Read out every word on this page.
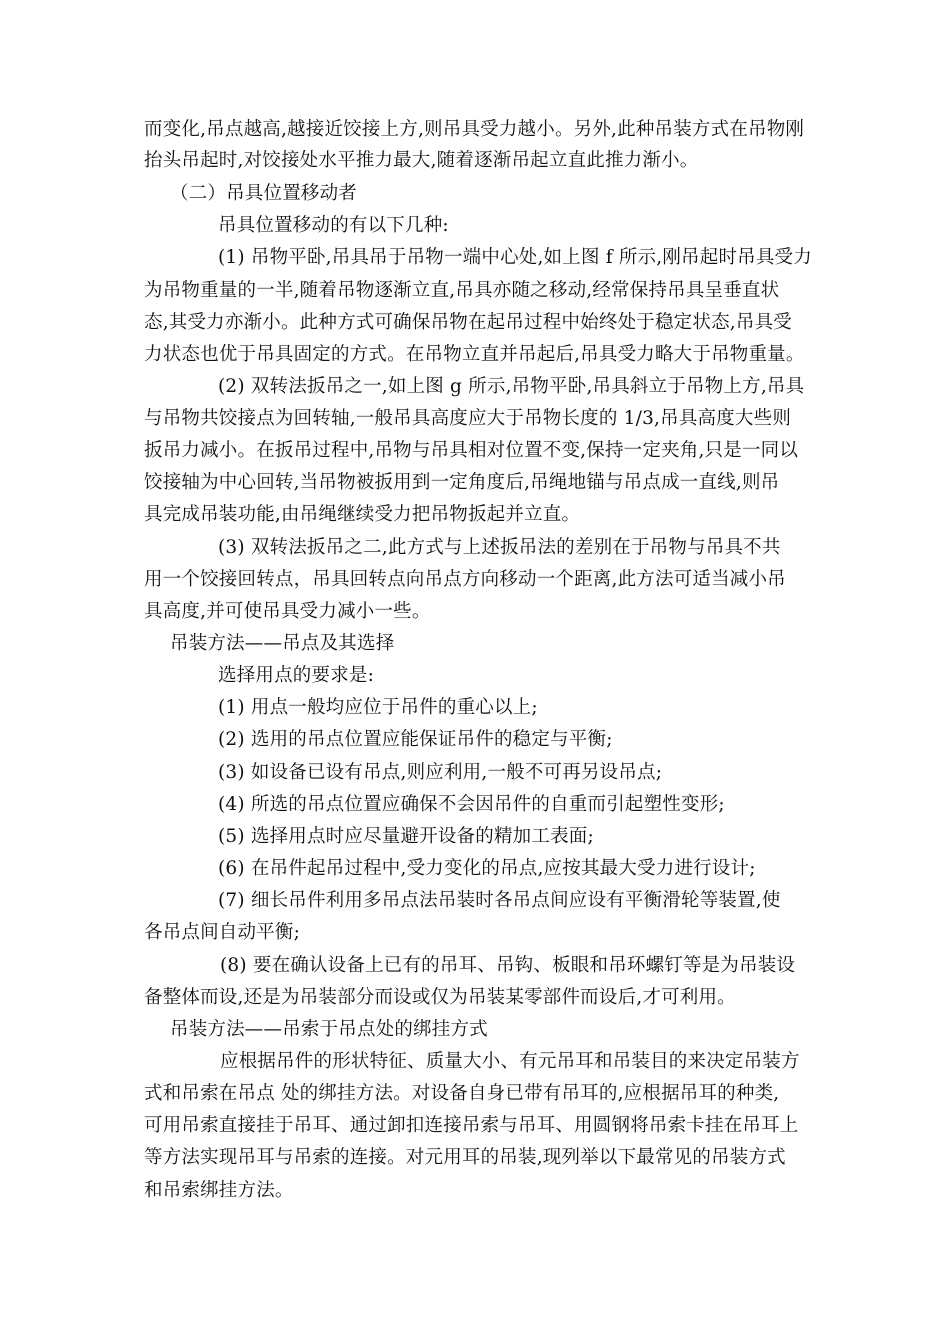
而变化,吊点越高,越接近饺接上方,则吊具受力越小。另外,此种吊装方式在吊物刚
抬头吊起时,对饺接处水平推力最大,随着逐渐吊起立直此推力渐小。
（二）吊具位置移动者
吊具位置移动的有以下几种:
(1) 吊物平卧,吊具吊于吊物一端中心处,如上图 f 所示,刚吊起时吊具受力
为吊物重量的一半,随着吊物逐渐立直,吊具亦随之移动,经常保持吊具呈垂直状
态,其受力亦渐小。此种方式可确保吊物在起吊过程中始终处于稳定状态,吊具受
力状态也优于吊具固定的方式。在吊物立直并吊起后,吊具受力略大于吊物重量。
(2) 双转法扳吊之一,如上图 g 所示,吊物平卧,吊具斜立于吊物上方,吊具
与吊物共饺接点为回转轴,一般吊具高度应大于吊物长度的 1/3,吊具高度大些则
扳吊力减小。在扳吊过程中,吊物与吊具相对位置不变,保持一定夹角,只是一同以
饺接轴为中心回转,当吊物被扳用到一定角度后,吊绳地锚与吊点成一直线,则吊
具完成吊装功能,由吊绳继续受力把吊物扳起并立直。
(3) 双转法扳吊之二,此方式与上述扳吊法的差别在于吊物与吊具不共
用一个饺接回转点，吊具回转点向吊点方向移动一个距离,此方法可适当减小吊
具高度,并可使吊具受力减小一些。
吊装方法——吊点及其选择
选择用点的要求是:
(1) 用点一般均应位于吊件的重心以上;
(2) 选用的吊点位置应能保证吊件的稳定与平衡;
(3) 如设备已设有吊点,则应利用,一般不可再另设吊点;
(4) 所选的吊点位置应确保不会因吊件的自重而引起塑性变形;
(5) 选择用点时应尽量避开设备的精加工表面;
(6) 在吊件起吊过程中,受力变化的吊点,应按其最大受力进行设计;
(7) 细长吊件利用多吊点法吊装时各吊点间应设有平衡滑轮等装置,使
各吊点间自动平衡;
(8) 要在确认设备上已有的吊耳、吊钩、板眼和吊环螺钉等是为吊装设
备整体而设,还是为吊装部分而设或仅为吊装某零部件而设后,才可利用。
吊装方法——吊索于吊点处的绑挂方式
应根据吊件的形状特征、质量大小、有元吊耳和吊装目的来决定吊装方
式和吊索在吊点 处的绑挂方法。对设备自身已带有吊耳的,应根据吊耳的种类,
可用吊索直接挂于吊耳、通过卸扣连接吊索与吊耳、用圆钢将吊索卡挂在吊耳上
等方法实现吊耳与吊索的连接。对元用耳的吊装,现列举以下最常见的吊装方式
和吊索绑挂方法。
